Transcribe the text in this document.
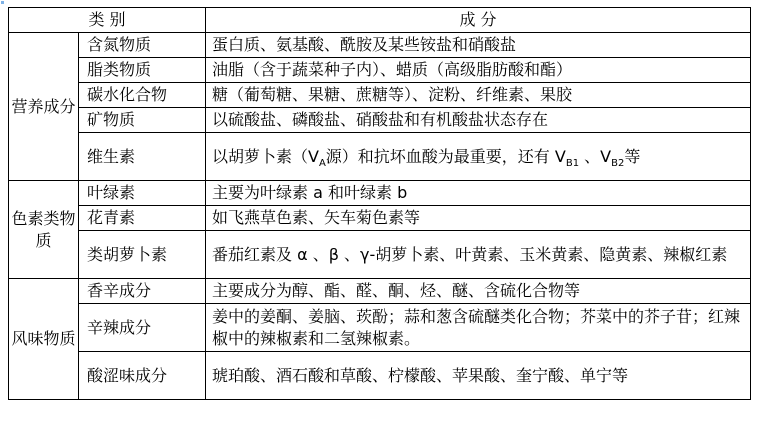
类 别		成 分
营养成分	含氮物质	蛋白质、氨基酸、酰胺及某些铵盐和硝酸盐
	脂类物质	油脂（含于蔬菜种子内）、蜡质（高级脂肪酸和酯）
	碳水化合物	糖（葡萄糖、果糖、蔗糖等）、淀粉、纤维素、果胶
	矿物质	以硫酸盐、磷酸盐、硝酸盐和有机酸盐状态存在
	维生素	以胡萝卜素（$V_A$源）和抗坏血酸为最重要，还有 $V_{B1}$ 、$V_{B2}$等
色素类物质	叶绿素	主要为叶绿素 a 和叶绿素 b
	花青素	如飞燕草色素、矢车菊色素等
	类胡萝卜素	番茄红素及 α 、β 、γ-胡萝卜素、叶黄素、玉米黄素、隐黄素、辣椒红素
风味物质	香辛成分	主要成分为醇、酯、醛、酮、烃、醚、含硫化合物等
	辛辣成分	姜中的姜酮、姜脑、莰酚；蒜和葱含硫醚类化合物；芥菜中的芥子苷；红辣椒中的辣椒素和二氢辣椒素。
	酸涩味成分	琥珀酸、酒石酸和草酸、柠檬酸、苹果酸、奎宁酸、单宁等
